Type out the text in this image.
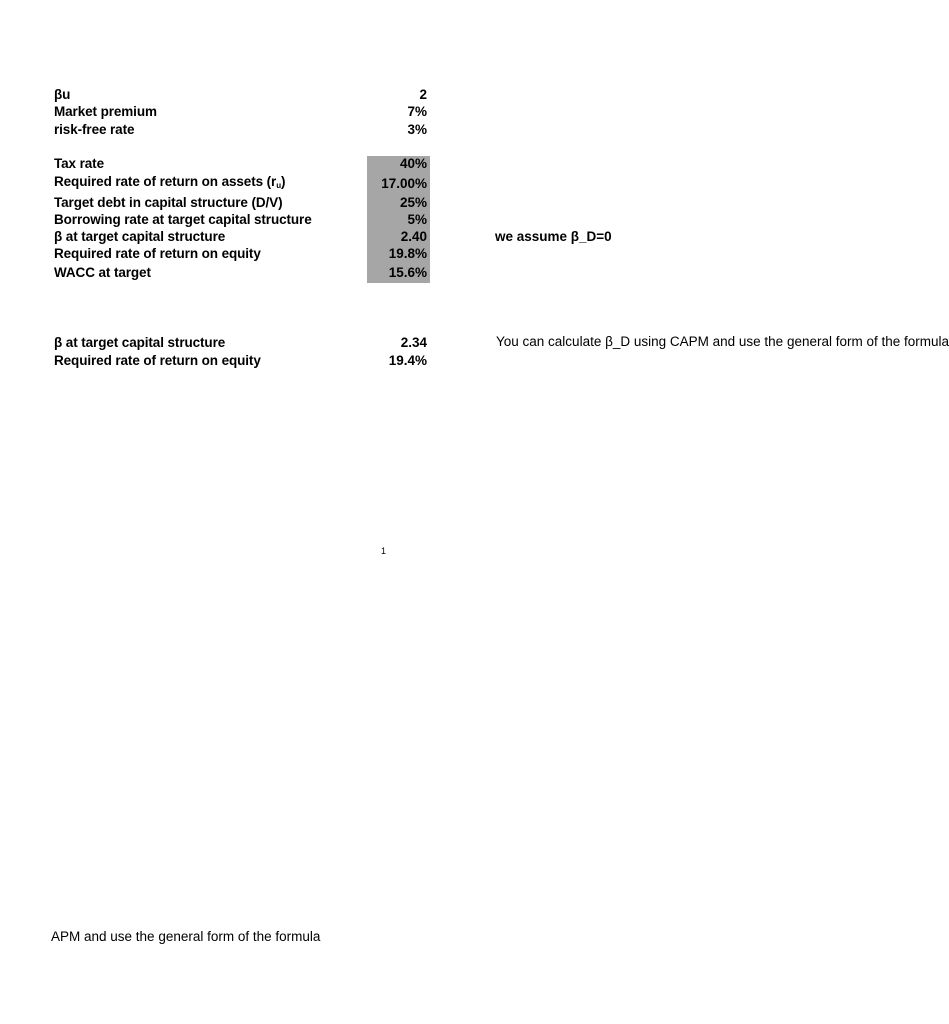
βu	2
Market premium	7%
risk-free rate	3%
Tax rate	40%
Required rate of return on assets $(r_u)$	17.00%
Target debt in capital structure (D/V)	25%
Borrowing rate at target capital structure	5%
β at target capital structure	2.40
Required rate of return on equity	19.8%
WACC at target	15.6%
we assume β_D=0
β at target capital structure	2.34
Required rate of return on equity	19.4%
You can calculate β_D using CAPM and use the general form of the formula
1
APM and use the general form of the formula
